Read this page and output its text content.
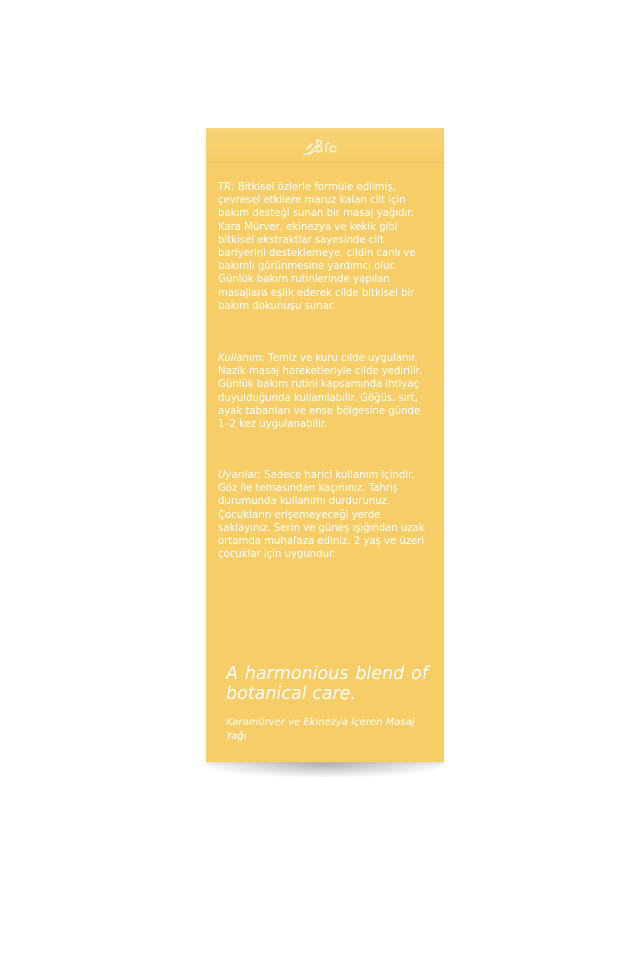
TR: Bitkisel özlerle formüle edilmiş, çevresel etkilere maruz kalan cilt için bakım desteği sunan bir masaj yağıdır. Kara Mürver, ekinezya ve kekik gibi bitkisel ekstraktlar sayesinde cilt bariyerini desteklemeye, cildin canlı ve bakımlı görünmesine yardımcı olur. Günlük bakım rutinlerinde yapılan masajlara eşlik ederek cilde bitkisel bir bakım dokunuşu sunar.
Kullanım: Temiz ve kuru cilde uygulanır. Nazik masaj hareketleriyle cilde yedirilir. Günlük bakım rutini kapsamında ihtiyaç duyulduğunda kullanılabilir. Göğüs, sırt, ayak tabanları ve ense bölgesine günde 1–2 kez uygulanabilir.
Uyarılar: Sadece harici kullanım içindir. Göz ile temasından kaçınınız. Tahriş durumunda kullanımı durdurunuz. Çocukların erişemeyeceği yerde saklayınız. Serin ve güneş ışığından uzak ortamda muhafaza ediniz. 2 yaş ve üzeri çocuklar için uygundur.
A harmonious blend of botanical care.
Karamürver ve Ekinezya İçeren Masaj Yağı
